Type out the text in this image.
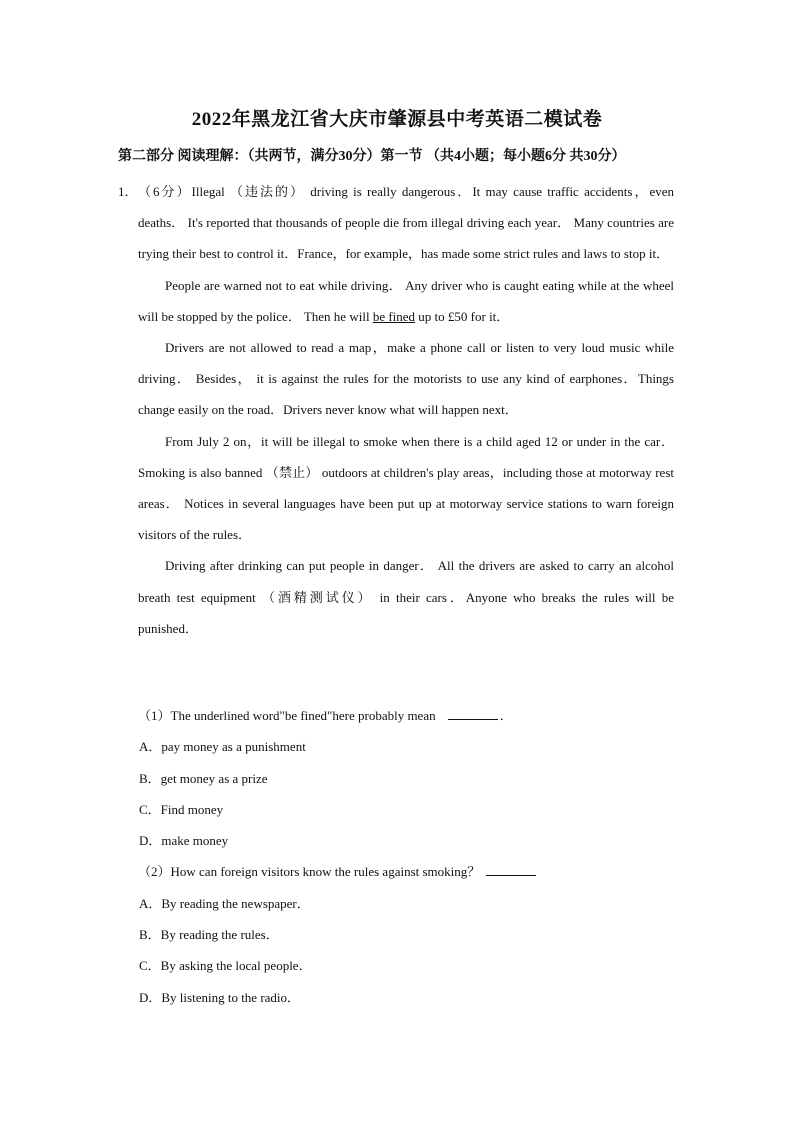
2022年黑龙江省大庆市肇源县中考英语二模试卷
第二部分 阅读理解：（共两节，满分30分）第一节 （共4小题；每小题6分 共30分）

1． （6分）Illegal （违法的） driving is really dangerous．It may cause traffic accidents，even deaths． It's reported that thousands of people die from illegal driving each year． Many countries are trying their best to control it．France，for example，has made some strict rules and laws to stop it．

People are warned not to eat while driving． Any driver who is caught eating while at the wheel will be stopped by the police． Then he will be fined up to £50 for it．

Drivers are not allowed to read a map，make a phone call or listen to very loud music while driving． Besides， it is against the rules for the motorists to use any kind of earphones．Things change easily on the road．Drivers never know what will happen next．

From July 2 on，it will be illegal to smoke when there is a child aged 12 or under in the car．Smoking is also banned （禁止） outdoors at children's play areas，including those at motorway rest areas． Notices in several languages have been put up at motorway service stations to warn foreign visitors of the rules．

Driving after drinking can put people in danger． All the drivers are asked to carry an alcohol breath test equipment （酒精测试仪） in their cars．Anyone who breaks the rules will be punished．

（1）The underlined word"be fined"here probably mean	．
A．pay money as a punishment
B．get money as a prize
C．Find money
D．make money
（2）How can foreign visitors know the rules against smoking？
A．By reading the newspaper．
B．By reading the rules．
C．By asking the local people．
D．By listening to the radio．
